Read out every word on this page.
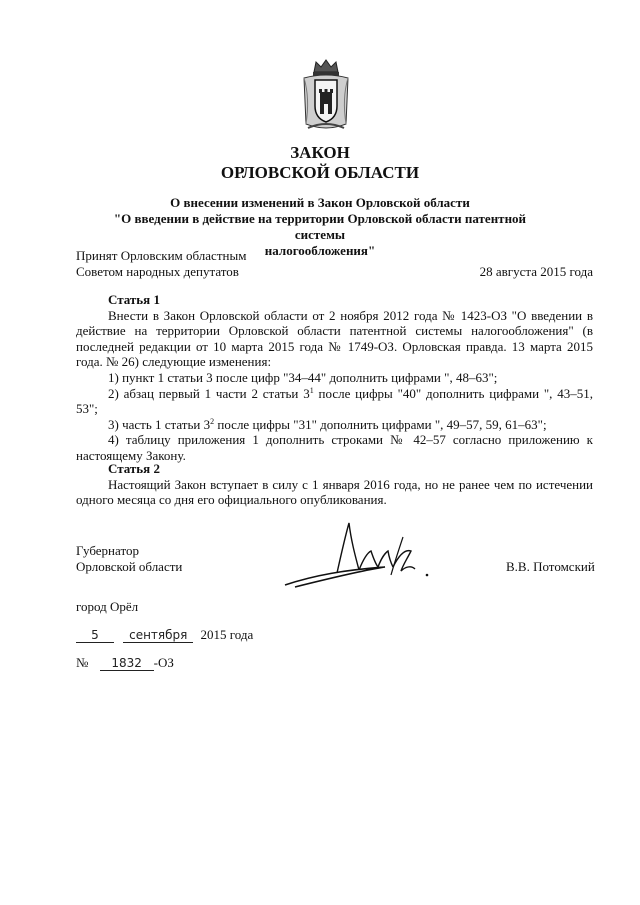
ЗАКОН
ОРЛОВСКОЙ ОБЛАСТИ
О внесении изменений в Закон Орловской области
"О введении в действие на территории Орловской области патентной системы
налогообложения"
Принят Орловским областным
Советом народных депутатов	28 августа 2015 года

Статья 1

Внести в Закон Орловской области от 2 ноября 2012 года № 1423-ОЗ "О введении в действие на территории Орловской области патентной системы налогообложения" (в последней редакции от 10 марта 2015 года № 1749-ОЗ. Орловская правда. 13 марта 2015 года. № 26) следующие изменения:

1) пункт 1 статьи 3 после цифр "34–44" дополнить цифрами ", 48–63";

2) абзац первый 1 части 2 статьи $3^1$ после цифры "40" дополнить цифрами ", 43–51, 53";

3) часть 1 статьи $3^2$ после цифры "31" дополнить цифрами ", 49–57, 59, 61–63";

4) таблицу приложения 1 дополнить строками № 42–57 согласно приложению к настоящему Закону.

Статья 2

Настоящий Закон вступает в силу с 1 января 2016 года, но не ранее чем по истечении одного месяца со дня его официального опубликования.

Губернатор
Орловской области	В.В. Потомский
город Орёл
5	сентября 2015 года
№ 1832 -ОЗ
